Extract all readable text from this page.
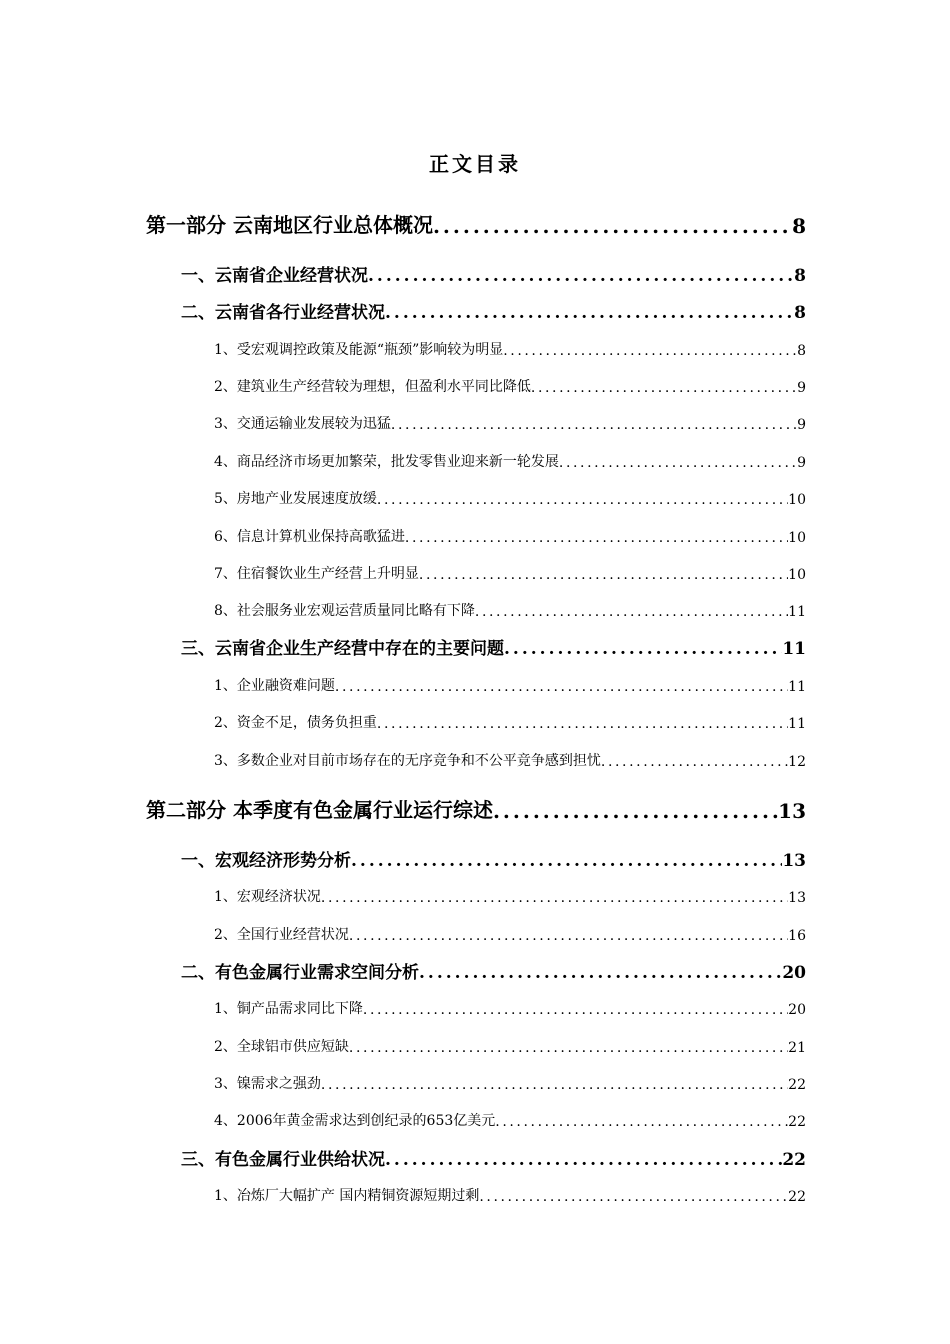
正文目录
第一部分 云南地区行业总体概况 .....	8
一、云南省企业经营状况 .....	8
二、云南省各行业经营状况 .....	8
1、受宏观调控政策及能源“瓶颈”影响较为明显 .....	8
2、建筑业生产经营较为理想，但盈利水平同比降低 .....	9
3、交通运输业发展较为迅猛 .....	9
4、商品经济市场更加繁荣，批发零售业迎来新一轮发展 .....	9
5、房地产业发展速度放缓 .....	10
6、信息计算机业保持高歌猛进 .....	10
7、住宿餐饮业生产经营上升明显 .....	10
8、社会服务业宏观运营质量同比略有下降 .....	11
三、云南省企业生产经营中存在的主要问题 .....	11
1、企业融资难问题 .....	11
2、资金不足，债务负担重 .....	11
3、多数企业对目前市场存在的无序竞争和不公平竞争感到担忧 .....	12
第二部分 本季度有色金属行业运行综述 .....	13
一、宏观经济形势分析 .....	13
1、宏观经济状况 .....	13
2、全国行业经营状况 .....	16
二、有色金属行业需求空间分析 .....	20
1、铜产品需求同比下降 .....	20
2、全球铝市供应短缺 .....	21
3、镍需求之强劲 .....	22
4、2006年黄金需求达到创纪录的653亿美元 .....	22
三、有色金属行业供给状况 .....	22
1、冶炼厂大幅扩产 国内精铜资源短期过剩 .....	22
